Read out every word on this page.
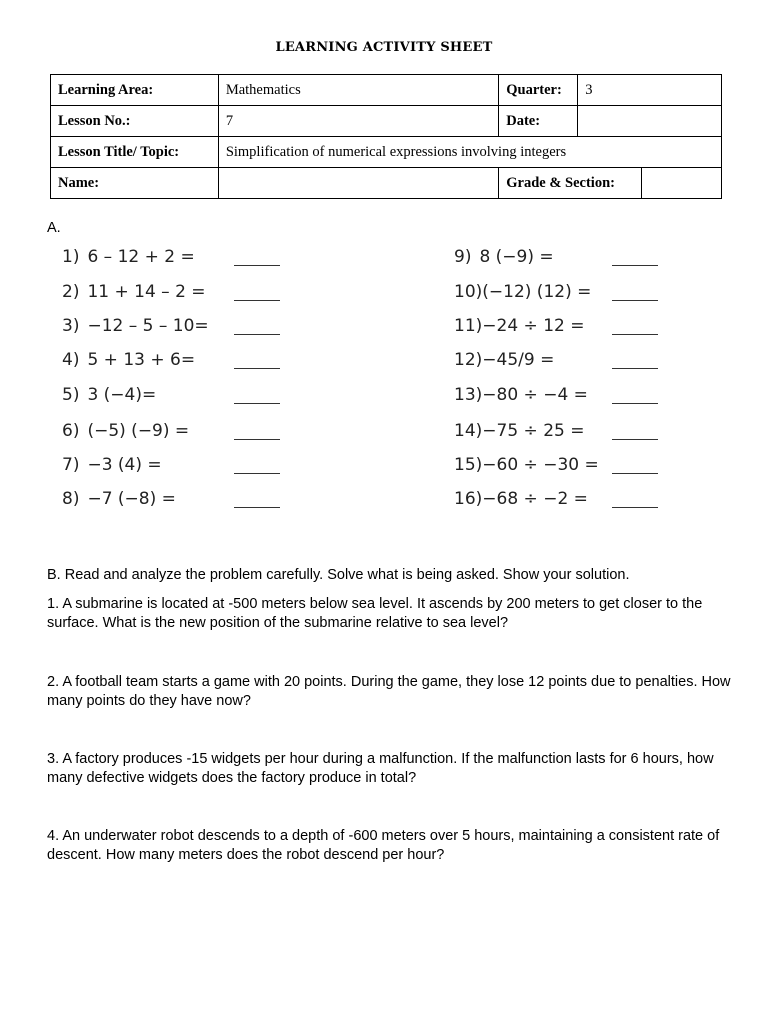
LEARNING ACTIVITY SHEET
Learning Area:	Mathematics	Quarter:	3	
Lesson No.:	7	Date:		
Lesson Title/ Topic:	Simplification of numerical expressions involving integers			
Name:		Grade & Section:		
A.
1) 6 – 12 + 2 =
2) 11 + 14 – 2 =
3) −12 – 5 – 10=
4) 5 + 13 + 6=
5) 3 (−4)=
6) (−5) (−9) =
7) −3 (4) =
8) −7 (−8) =
9) 8 (−9) =
10)(−12) (12) =
11)−24 ÷ 12 =
12)−45/9 =
13)−80 ÷ −4 =
14)−75 ÷ 25 =
15)−60 ÷ −30 =
16)−68 ÷ −2 =
B. Read and analyze the problem carefully. Solve what is being asked. Show your solution.
1. A submarine is located at -500 meters below sea level. It ascends by 200 meters to get closer to the surface. What is the new position of the submarine relative to sea level?
2. A football team starts a game with 20 points. During the game, they lose 12 points due to penalties. How many points do they have now?
3. A factory produces -15 widgets per hour during a malfunction. If the malfunction lasts for 6 hours, how many defective widgets does the factory produce in total?
4. An underwater robot descends to a depth of -600 meters over 5 hours, maintaining a consistent rate of descent. How many meters does the robot descend per hour?
